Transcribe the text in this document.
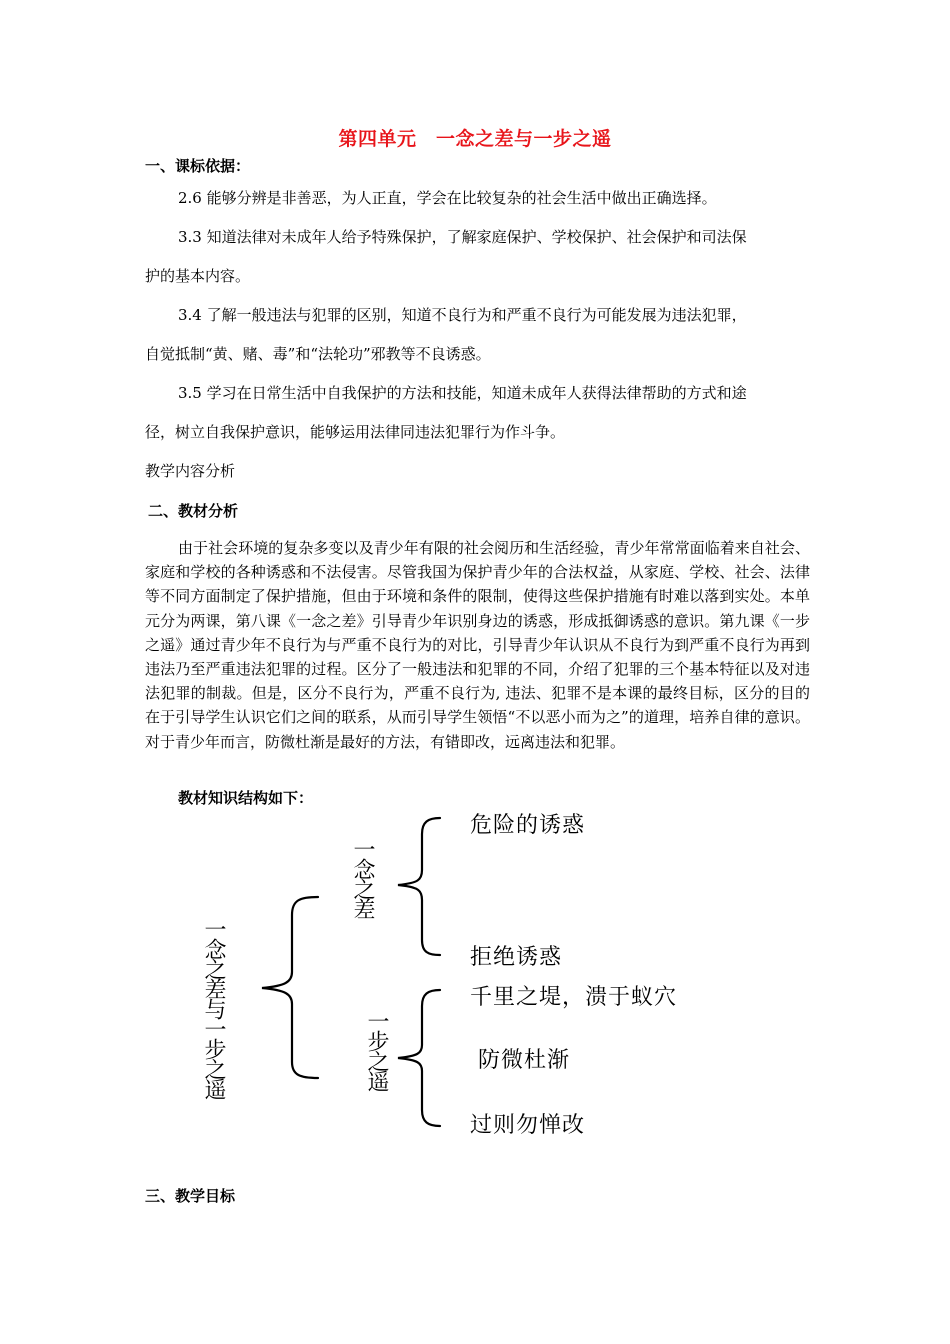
第四单元　一念之差与一步之遥
一、课标依据：
2.6 能够分辨是非善恶，为人正直，学会在比较复杂的社会生活中做出正确选择。
3.3 知道法律对未成年人给予特殊保护，了解家庭保护、学校保护、社会保护和司法保
护的基本内容。
3.4 了解一般违法与犯罪的区别，知道不良行为和严重不良行为可能发展为违法犯罪，
自觉抵制“黄、赌、毒”和“法轮功”邪教等不良诱惑。
3.5 学习在日常生活中自我保护的方法和技能，知道未成年人获得法律帮助的方式和途
径，树立自我保护意识，能够运用法律同违法犯罪行为作斗争。
教学内容分析
二、教材分析

由于社会环境的复杂多变以及青少年有限的社会阅历和生活经验，青少年常常面临着来自社会、家庭和学校的各种诱惑和不法侵害。尽管我国为保护青少年的合法权益，从家庭、学校、社会、法律等不同方面制定了保护措施，但由于环境和条件的限制，使得这些保护措施有时难以落到实处。本单元分为两课，第八课《一念之差》引导青少年识别身边的诱惑，形成抵御诱惑的意识。第九课《一步之遥》通过青少年不良行为与严重不良行为的对比，引导青少年认识从不良行为到严重不良行为再到违法乃至严重违法犯罪的过程。区分了一般违法和犯罪的不同，介绍了犯罪的三个基本特征以及对违法犯罪的制裁。但是，区分不良行为，严重不良行为, 违法、犯罪不是本课的最终目标，区分的目的在于引导学生认识它们之间的联系，从而引导学生领悟“不以恶小而为之”的道理，培养自律的意识。对于青少年而言，防微杜渐是最好的方法，有错即改，远离违法和犯罪。

教材知识结构如下：
一念之差与一步之遥
一念之差
一步之遥
危险的诱惑
拒绝诱惑
千里之堤，溃于蚁穴
防微杜渐
过则勿惮改
三、教学目标
